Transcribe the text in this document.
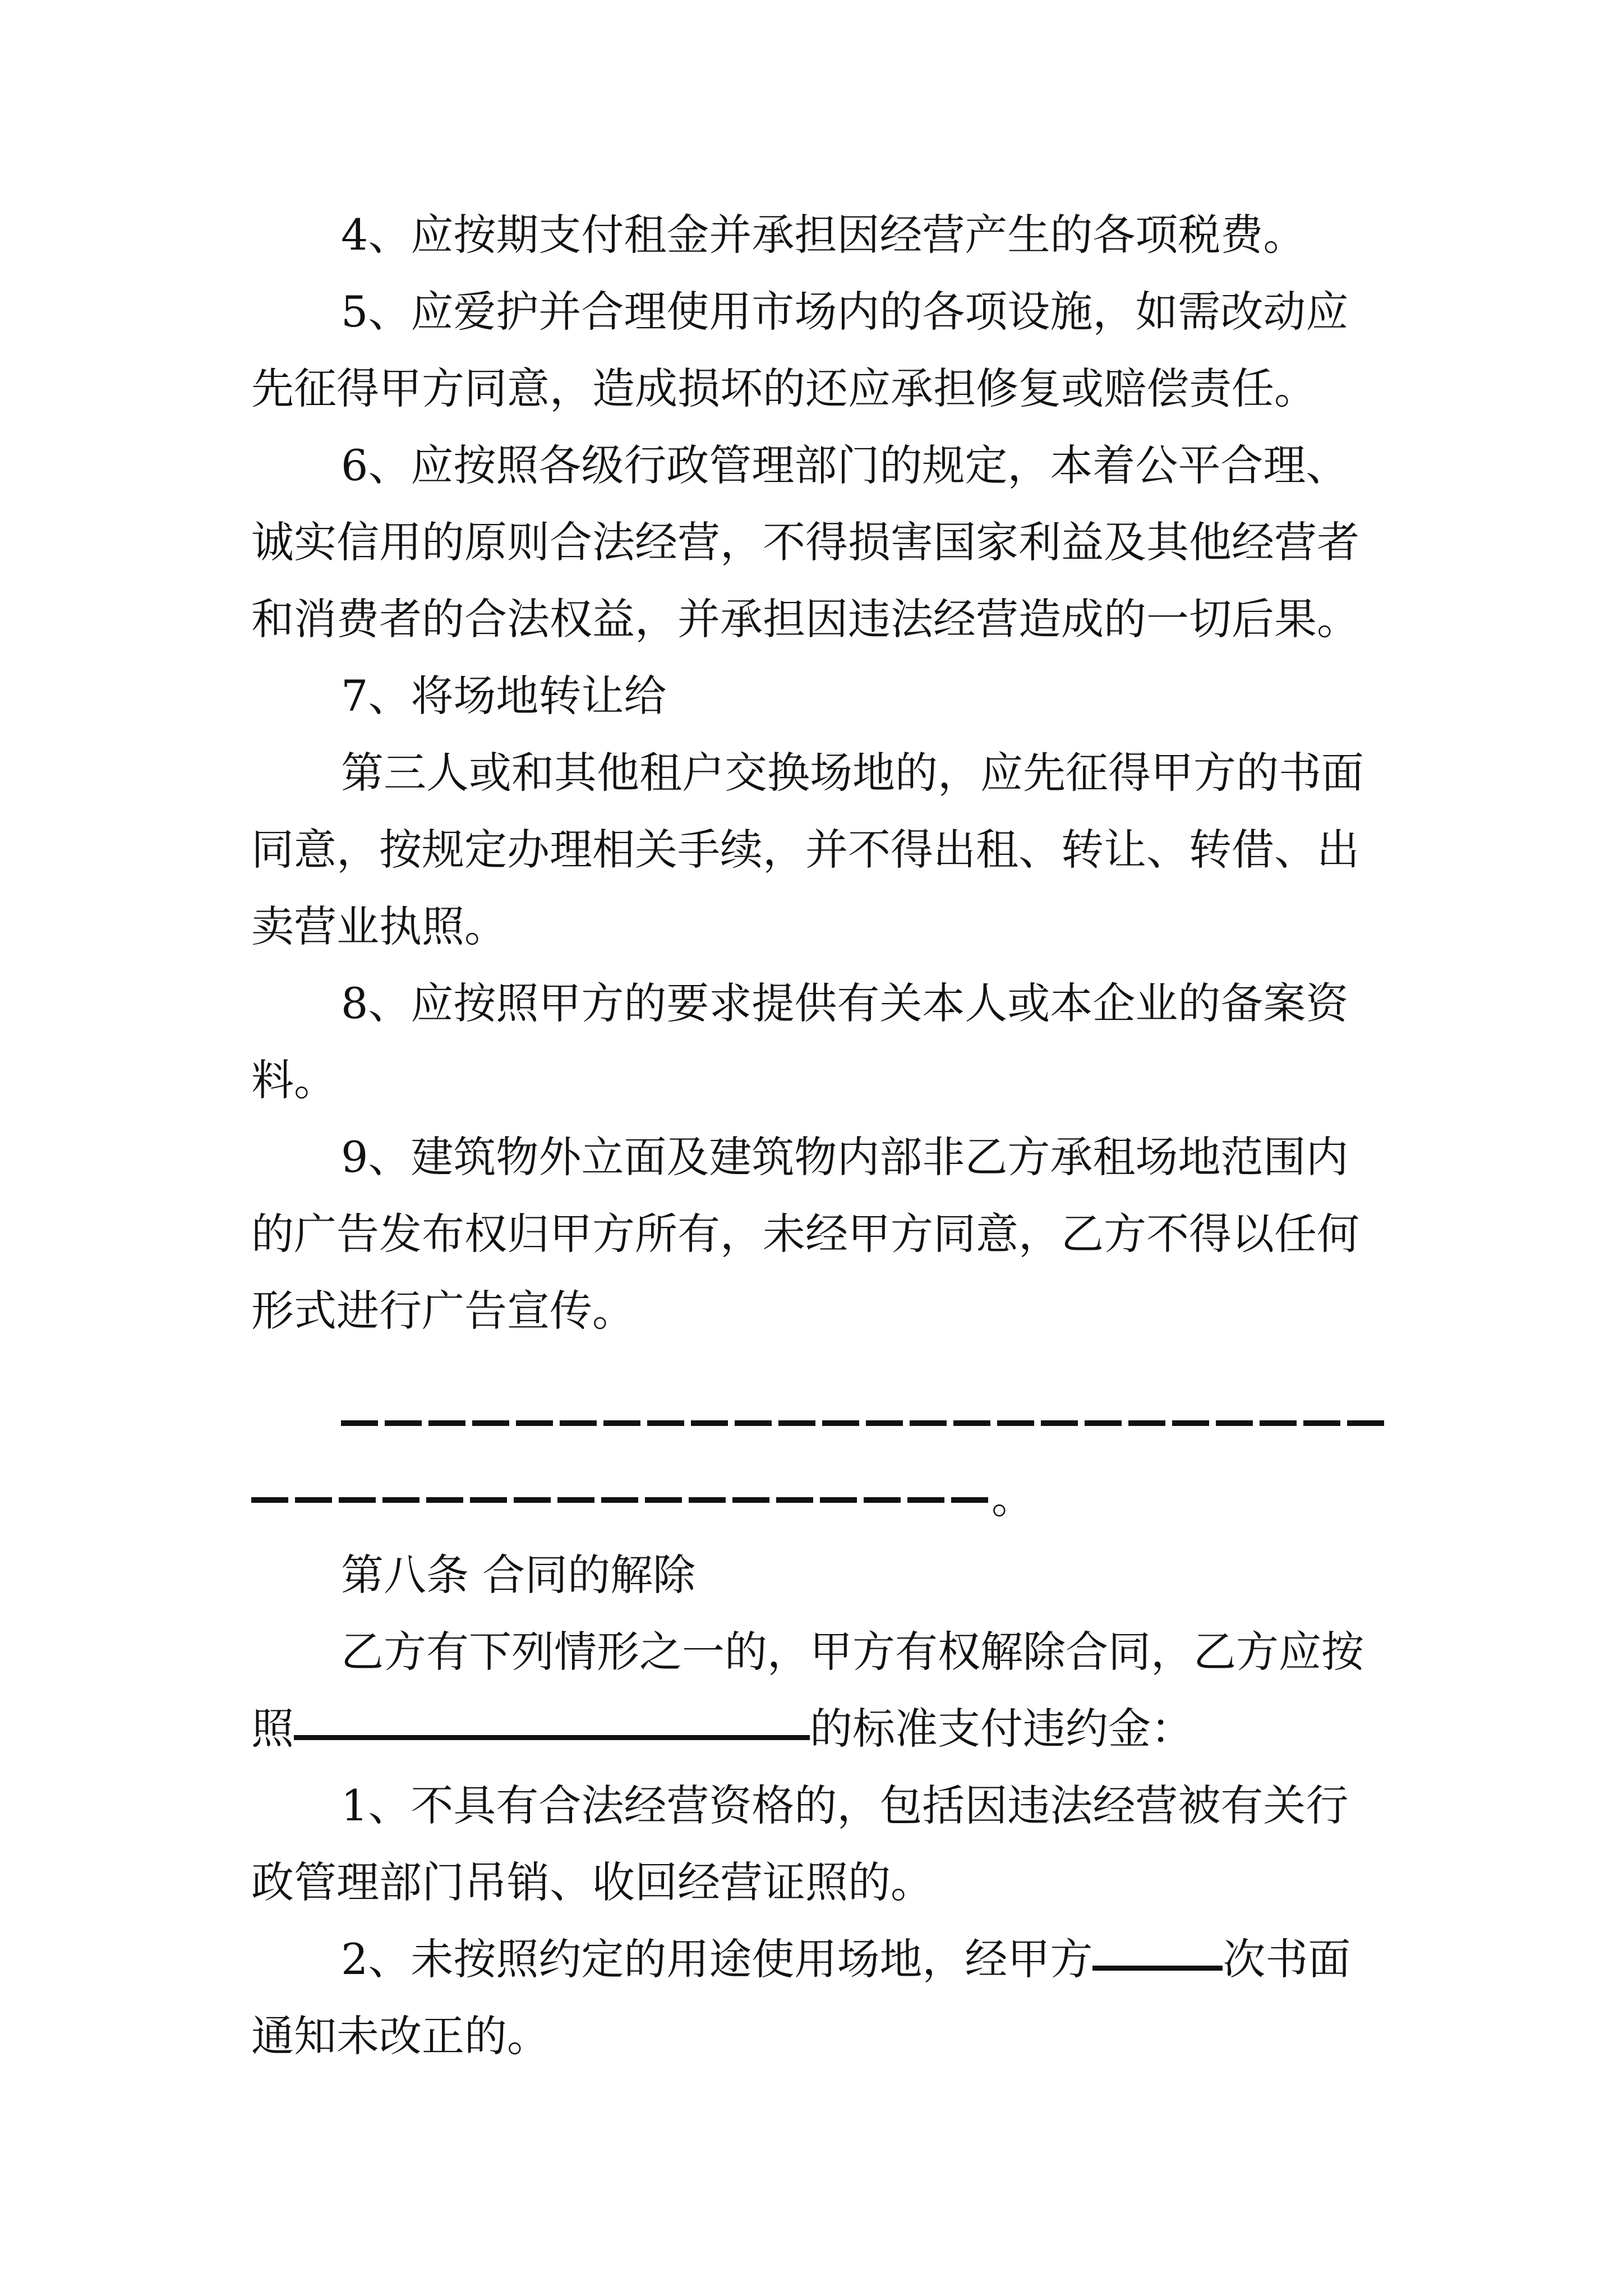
4、应按期支付租金并承担因经营产生的各项税费。

5、应爱护并合理使用市场内的各项设施，如需改动应

先征得甲方同意，造成损坏的还应承担修复或赔偿责任。

6、应按照各级行政管理部门的规定，本着公平合理、

诚实信用的原则合法经营，不得损害国家利益及其他经营者

和消费者的合法权益，并承担因违法经营造成的一切后果。

7、将场地转让给

第三人或和其他租户交换场地的，应先征得甲方的书面

同意，按规定办理相关手续，并不得出租、转让、转借、出

卖营业执照。

8、应按照甲方的要求提供有关本人或本企业的备案资

料。

9、建筑物外立面及建筑物内部非乙方承租场地范围内

的广告发布权归甲方所有，未经甲方同意，乙方不得以任何

形式进行广告宣传。

。

第八条 合同的解除

乙方有下列情形之一的，甲方有权解除合同，乙方应按

照	的标准支付违约金：

1、不具有合法经营资格的，包括因违法经营被有关行

政管理部门吊销、收回经营证照的。

2、未按照约定的用途使用场地，经甲方	次书面

通知未改正的。
